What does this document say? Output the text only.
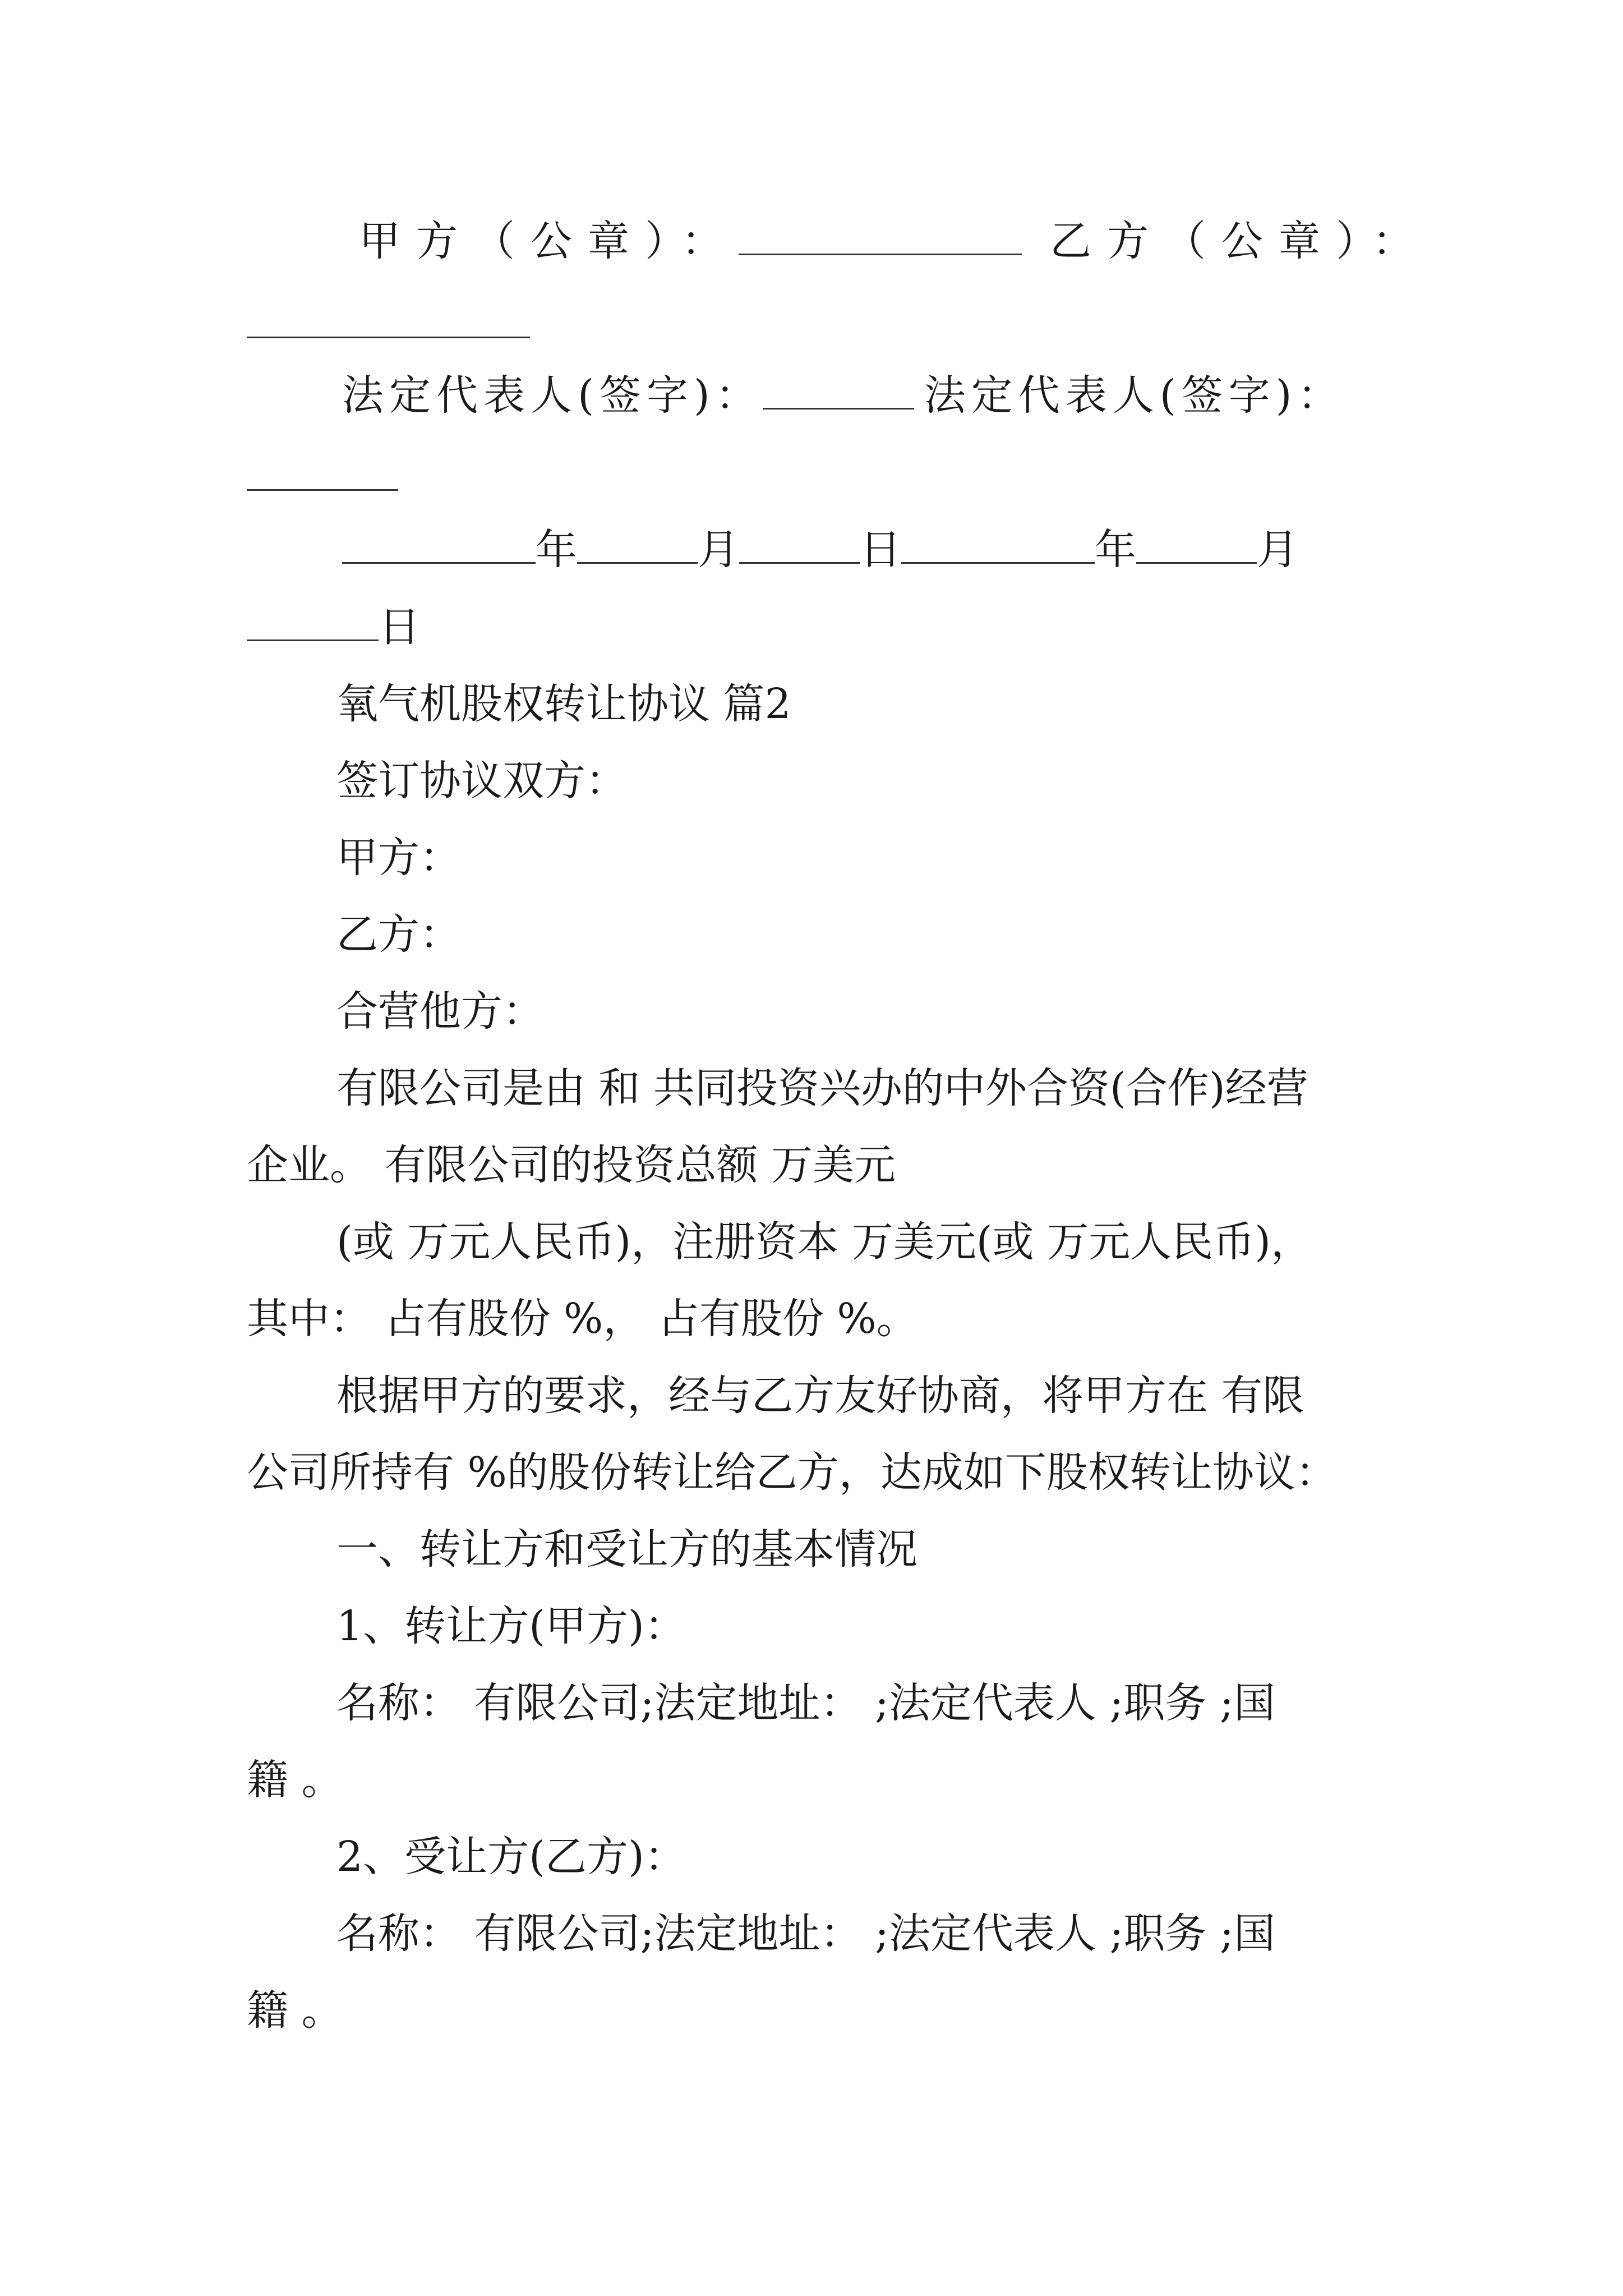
甲方（公章）：	乙方（公章）：
法定代表人(签字)：	法定代表人(签字)：
年	月	日	年	月
日
氧气机股权转让协议 篇2
签订协议双方：
甲方：
乙方：
合营他方：
有限公司是由 和 共同投资兴办的中外合资(合作)经营
企业。 有限公司的投资总额 万美元
(或 万元人民币)，注册资本 万美元(或 万元人民币)，
其中： 占有股份 %， 占有股份 %。
根据甲方的要求，经与乙方友好协商，将甲方在 有限
公司所持有 %的股份转让给乙方，达成如下股权转让协议：
一、转让方和受让方的基本情况
1、转让方(甲方)：
名称： 有限公司;法定地址： ;法定代表人 ;职务 ;国
籍 。
2、受让方(乙方)：
名称： 有限公司;法定地址： ;法定代表人 ;职务 ;国
籍 。
